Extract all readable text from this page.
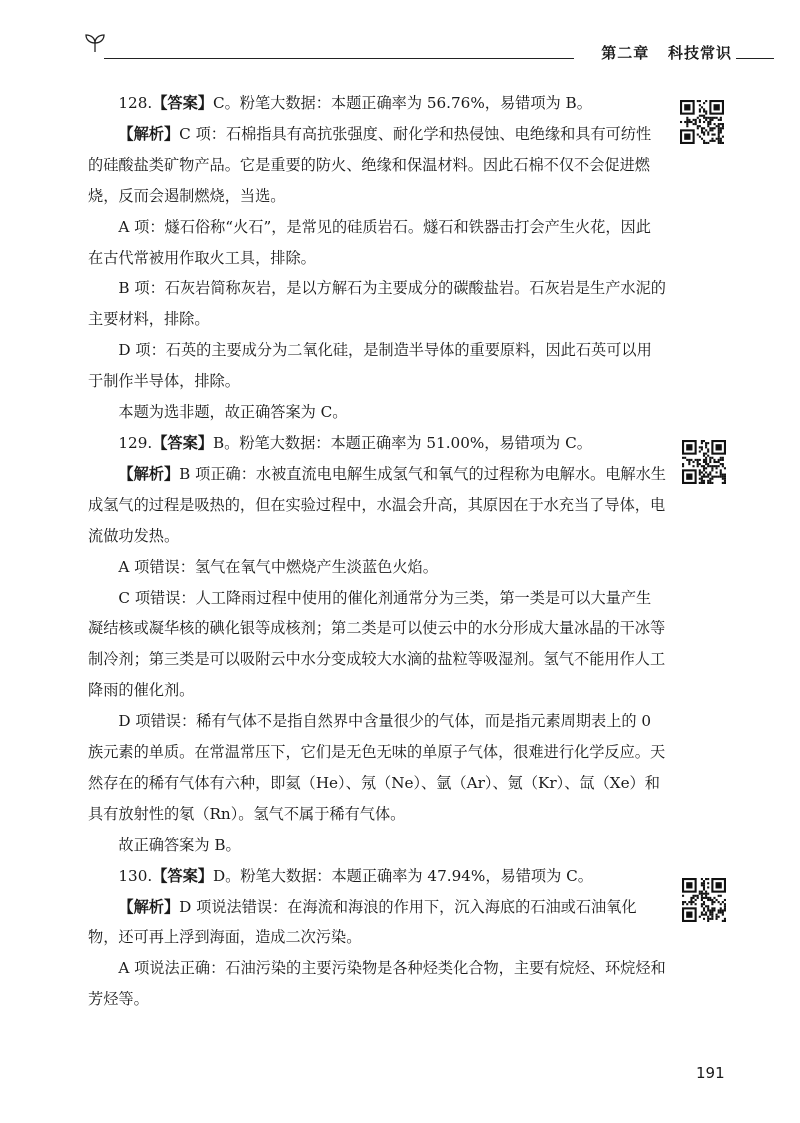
第二章 科技常识

128.【答案】C。粉笔大数据：本题正确率为 56.76%，易错项为 B。

【解析】C 项：石棉指具有高抗张强度、耐化学和热侵蚀、电绝缘和具有可纺性的硅酸盐类矿物产品。它是重要的防火、绝缘和保温材料。因此石棉不仅不会促进燃烧，反而会遏制燃烧，当选。

A 项：燧石俗称“火石”，是常见的硅质岩石。燧石和铁器击打会产生火花，因此在古代常被用作取火工具，排除。

B 项：石灰岩简称灰岩，是以方解石为主要成分的碳酸盐岩。石灰岩是生产水泥的主要材料，排除。

D 项：石英的主要成分为二氧化硅，是制造半导体的重要原料，因此石英可以用于制作半导体，排除。

本题为选非题，故正确答案为 C。

129.【答案】B。粉笔大数据：本题正确率为 51.00%，易错项为 C。

【解析】B 项正确：水被直流电电解生成氢气和氧气的过程称为电解水。电解水生成氢气的过程是吸热的，但在实验过程中，水温会升高，其原因在于水充当了导体，电流做功发热。

A 项错误：氢气在氧气中燃烧产生淡蓝色火焰。

C 项错误：人工降雨过程中使用的催化剂通常分为三类，第一类是可以大量产生凝结核或凝华核的碘化银等成核剂；第二类是可以使云中的水分形成大量冰晶的干冰等制冷剂；第三类是可以吸附云中水分变成较大水滴的盐粒等吸湿剂。氢气不能用作人工降雨的催化剂。

D 项错误：稀有气体不是指自然界中含量很少的气体，而是指元素周期表上的 0 族元素的单质。在常温常压下，它们是无色无味的单原子气体，很难进行化学反应。天然存在的稀有气体有六种，即氦（He）、氖（Ne）、氩（Ar）、氪（Kr）、氙（Xe）和具有放射性的氡（Rn）。氢气不属于稀有气体。

故正确答案为 B。

130.【答案】D。粉笔大数据：本题正确率为 47.94%，易错项为 C。

【解析】D 项说法错误：在海流和海浪的作用下，沉入海底的石油或石油氧化物，还可再上浮到海面，造成二次污染。

A 项说法正确：石油污染的主要污染物是各种烃类化合物，主要有烷烃、环烷烃和芳烃等。

191
